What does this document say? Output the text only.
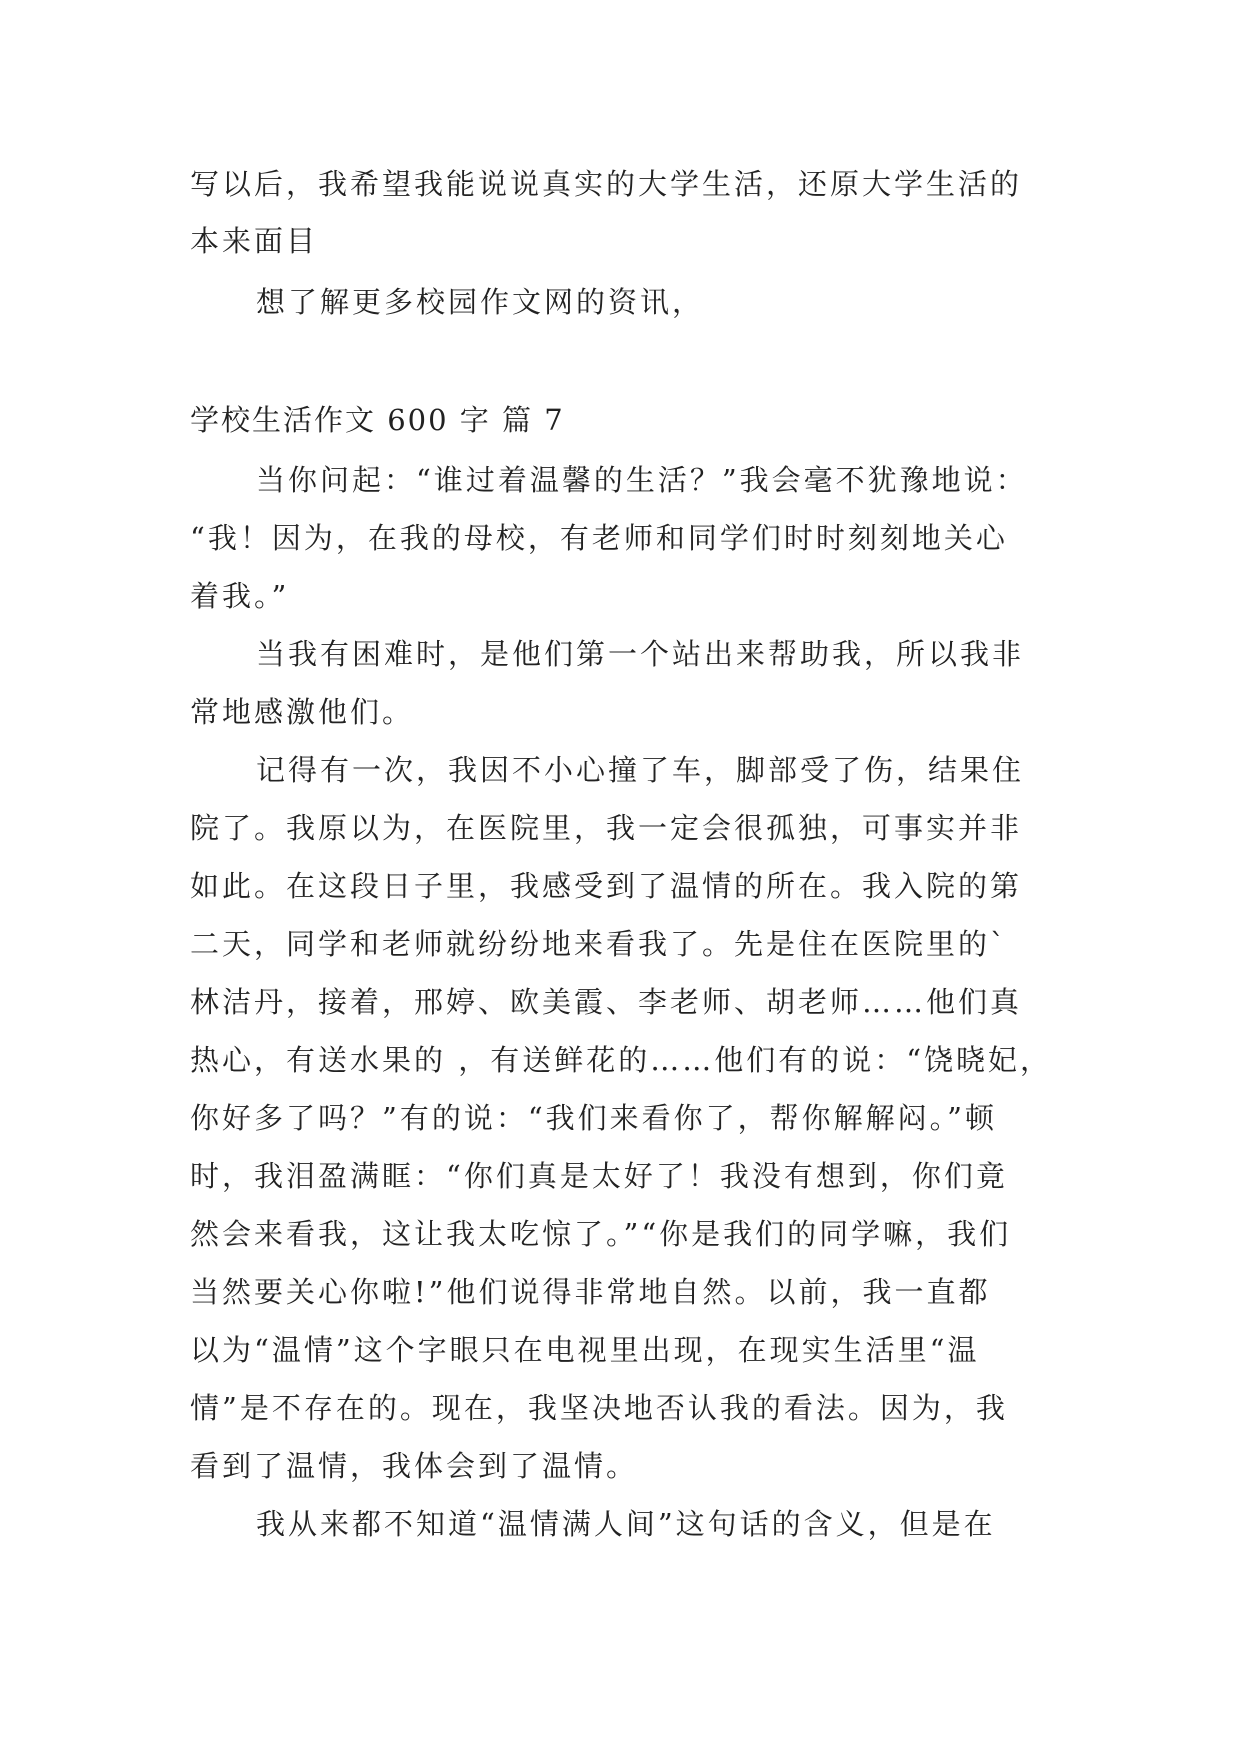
写以后，我希望我能说说真实的大学生活，还原大学生活的
本来面目
想了解更多校园作文网的资讯，
学校生活作文 600 字 篇 7
当你问起：“谁过着温馨的生活？”我会毫不犹豫地说：
“我！因为，在我的母校，有老师和同学们时时刻刻地关心
着我。”
当我有困难时，是他们第一个站出来帮助我，所以我非
常地感激他们。
记得有一次，我因不小心撞了车，脚部受了伤，结果住
院了。我原以为，在医院里，我一定会很孤独，可事实并非
如此。在这段日子里，我感受到了温情的所在。我入院的第
二天，同学和老师就纷纷地来看我了。先是住在医院里的`
林洁丹，接着，邢婷、欧美霞、李老师、胡老师……他们真
热心，有送水果的 ，有送鲜花的……他们有的说：“饶晓妃，
你好多了吗？”有的说：“我们来看你了，帮你解解闷。”顿
时，我泪盈满眶：“你们真是太好了！我没有想到，你们竟
然会来看我，这让我太吃惊了。”“你是我们的同学嘛，我们
当然要关心你啦!”他们说得非常地自然。以前，我一直都
以为“温情”这个字眼只在电视里出现，在现实生活里“温
情”是不存在的。现在，我坚决地否认我的看法。因为，我
看到了温情，我体会到了温情。
我从来都不知道“温情满人间”这句话的含义，但是在
